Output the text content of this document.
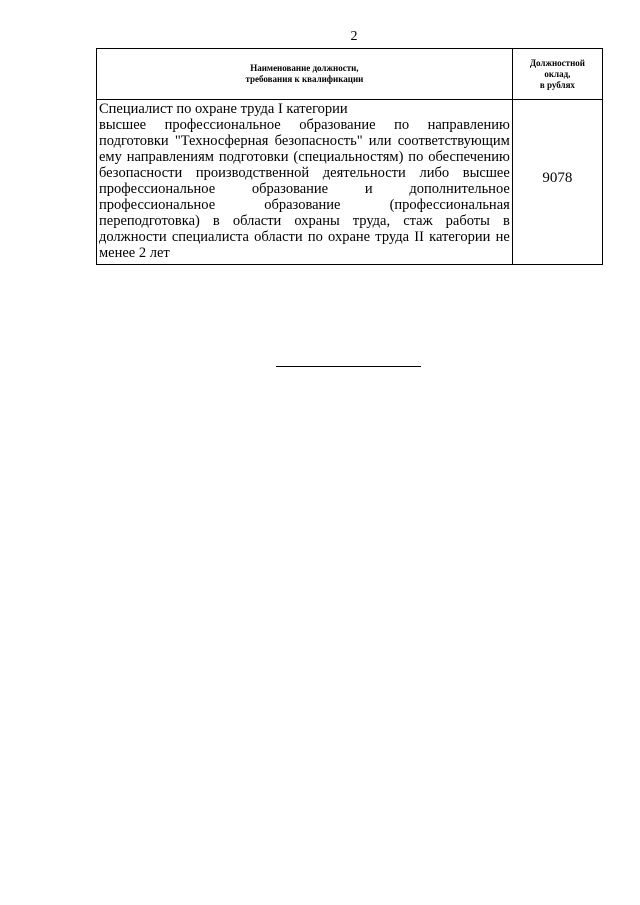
2
Наименование должности,
требования к квалификации	Должностной
оклад,
в рублях

Специалист по охране труда I категории
высшее профессиональное образование по направлению подготовки "Техносферная безопасность" или соответствующим ему направлениям подготовки (специальностям) по обеспечению безопасности производственной деятельности либо высшее профессиональное образование и дополнительное профессиональное образование (профессиональная переподготовка) в области охраны труда, стаж работы в должности специалиста области по охране труда II категории не менее 2 лет	9078
